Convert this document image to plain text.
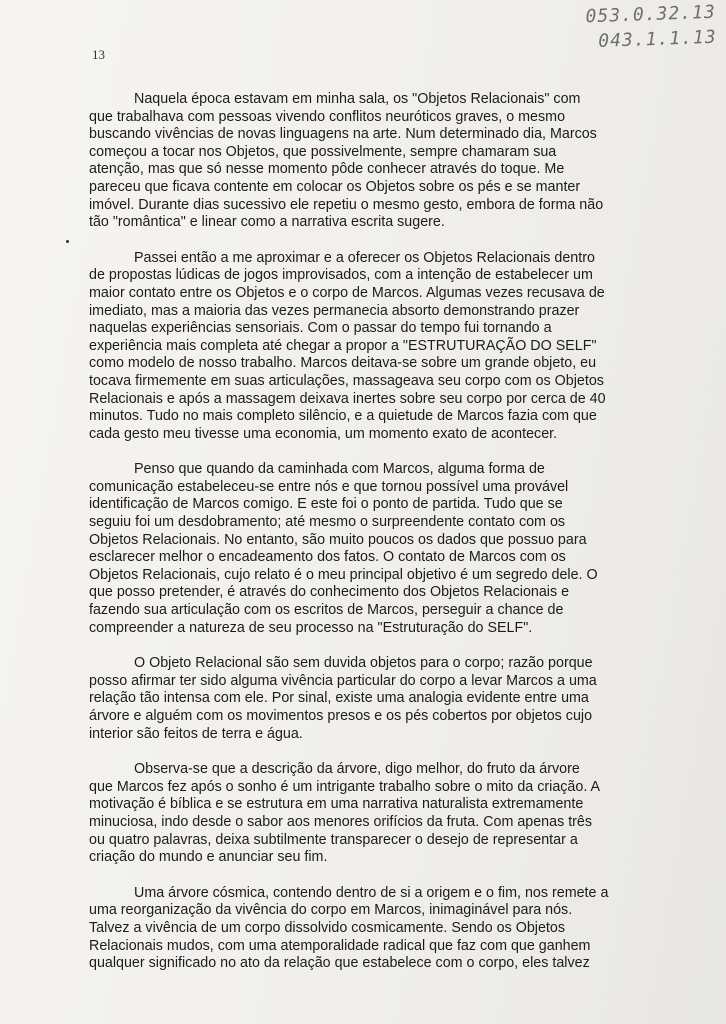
053.0.32.13
043.1.1.13
13

Naquela época estavam em minha sala, os "Objetos Relacionais" com
que trabalhava com pessoas vivendo conflitos neuróticos graves, o mesmo
buscando vivências de novas linguagens na arte. Num determinado dia, Marcos
começou a tocar nos Objetos, que possivelmente, sempre chamaram sua
atenção, mas que só nesse momento pôde conhecer através do toque. Me
pareceu que ficava contente em colocar os Objetos sobre os pés e se manter
imóvel. Durante dias sucessivo ele repetiu o mesmo gesto, embora de forma não
tão "romântica" e linear como a narrativa escrita sugere.

Passei então a me aproximar e a oferecer os Objetos Relacionais dentro
de propostas lúdicas de jogos improvisados, com a intenção de estabelecer um
maior contato entre os Objetos e o corpo de Marcos. Algumas vezes recusava de
imediato, mas a maioria das vezes permanecia absorto demonstrando prazer
naquelas experiências sensoriais. Com o passar do tempo fui tornando a
experiência mais completa até chegar a propor a "ESTRUTURAÇÃO DO SELF"
como modelo de nosso trabalho. Marcos deitava-se sobre um grande objeto, eu
tocava firmemente em suas articulações, massageava seu corpo com os Objetos
Relacionais e após a massagem deixava inertes sobre seu corpo por cerca de 40
minutos. Tudo no mais completo silêncio, e a quietude de Marcos fazia com que
cada gesto meu tivesse uma economia, um momento exato de acontecer.

Penso que quando da caminhada com Marcos, alguma forma de
comunicação estabeleceu-se entre nós e que tornou possível uma provável
identificação de Marcos comigo. E este foi o ponto de partida. Tudo que se
seguiu foi um desdobramento; até mesmo o surpreendente contato com os
Objetos Relacionais. No entanto, são muito poucos os dados que possuo para
esclarecer melhor o encadeamento dos fatos. O contato de Marcos com os
Objetos Relacionais, cujo relato é o meu principal objetivo é um segredo dele. O
que posso pretender, é através do conhecimento dos Objetos Relacionais e
fazendo sua articulação com os escritos de Marcos, perseguir a chance de
compreender a natureza de seu processo na "Estruturação do SELF".

O Objeto Relacional são sem duvida objetos para o corpo; razão porque
posso afirmar ter sido alguma vivência particular do corpo a levar Marcos a uma
relação tão intensa com ele. Por sinal, existe uma analogia evidente entre uma
árvore e alguém com os movimentos presos e os pés cobertos por objetos cujo
interior são feitos de terra e água.

Observa-se que a descrição da árvore, digo melhor, do fruto da árvore
que Marcos fez após o sonho é um intrigante trabalho sobre o mito da criação. A
motivação é bíblica e se estrutura em uma narrativa naturalista extremamente
minuciosa, indo desde o sabor aos menores orifícios da fruta. Com apenas três
ou quatro palavras, deixa subtilmente transparecer o desejo de representar a
criação do mundo e anunciar seu fim.

Uma árvore cósmica, contendo dentro de si a origem e o fim, nos remete a
uma reorganização da vivência do corpo em Marcos, inimaginável para nós.
Talvez a vivência de um corpo dissolvido cosmicamente. Sendo os Objetos
Relacionais mudos, com uma atemporalidade radical que faz com que ganhem
qualquer significado no ato da relação que estabelece com o corpo, eles talvez
